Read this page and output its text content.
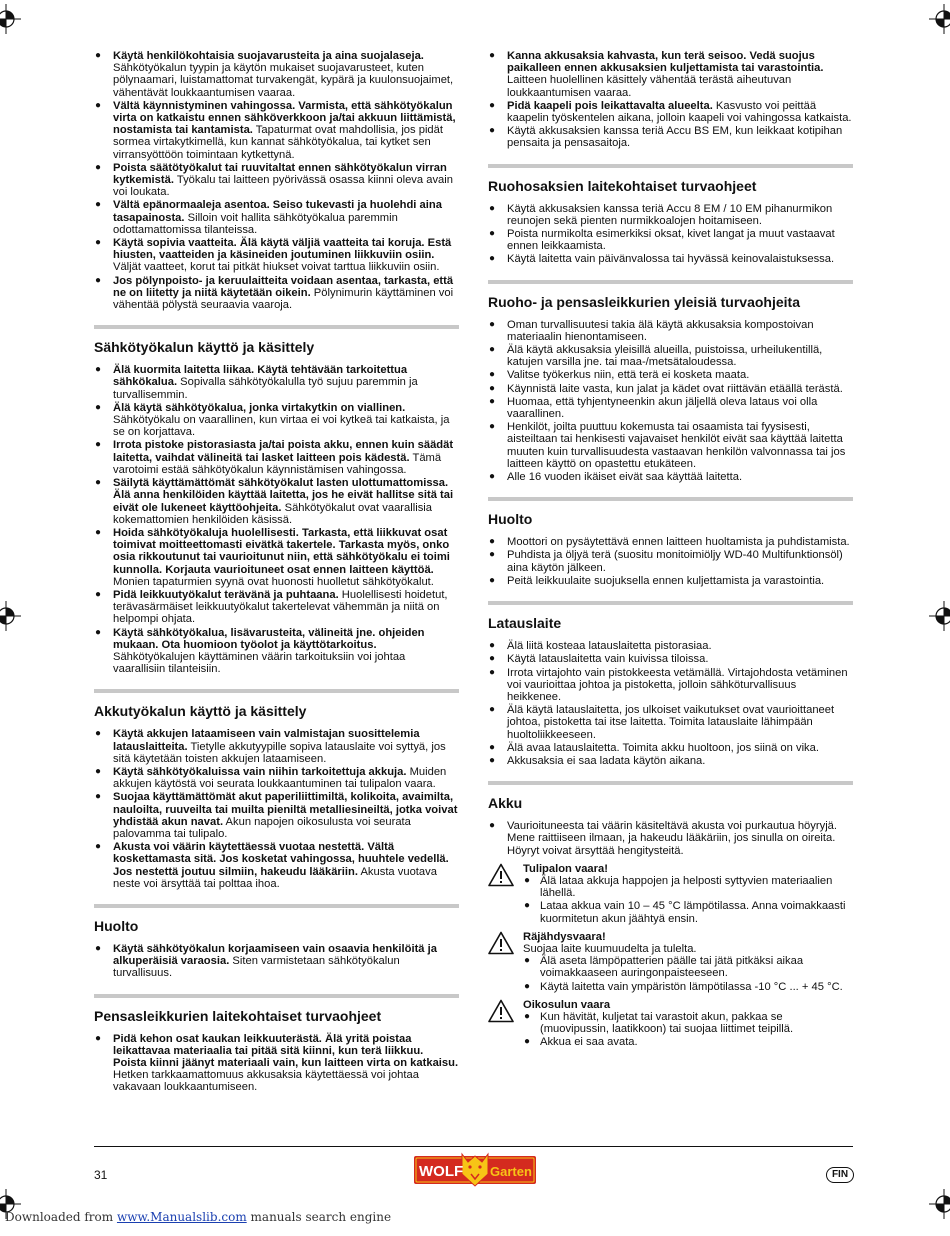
● Käytä henkilökohtaisia suojavarusteita ja aina suojalaseja. Sähkötyökalun tyypin ja käytön mukaiset suojavarusteet, kuten pölynaamari, luistamattomat turvakengät, kypärä ja kuulonsuojaimet, vähentävät loukkaantumisen vaaraa.
● Vältä käynnistyminen vahingossa. Varmista, että sähkötyökalun virta on katkaistu ennen sähköverkkoon ja/tai akkuun liittämistä, nostamista tai kantamista. Tapaturmat ovat mahdollisia, jos pidät sormea virtakytkimellä, kun kannat sähkötyökalua, tai kytket sen virransyöttöön toimintaan kytkettynä.
● Poista säätötyökalut tai ruuvitaltat ennen sähkötyökalun virran kytkemistä. Työkalu tai laitteen pyörivässä osassa kiinni oleva avain voi loukata.
● Vältä epänormaaleja asentoa. Seiso tukevasti ja huolehdi aina tasapainosta. Silloin voit hallita sähkötyökalua paremmin odottamattomissa tilanteissa.
● Käytä sopivia vaatteita. Älä käytä väljiä vaatteita tai koruja. Estä hiusten, vaatteiden ja käsineiden joutuminen liikkuviin osiin. Väljät vaatteet, korut tai pitkät hiukset voivat tarttua liikkuviin osiin.
● Jos pölynpoisto- ja keruulaitteita voidaan asentaa, tarkasta, että ne on liitetty ja niitä käytetään oikein. Pölynimurin käyttäminen voi vähentää pölystä seuraavia vaaroja.
Sähkötyökalun käyttö ja käsittely
● Älä kuormita laitetta liikaa. Käytä tehtävään tarkoitettua sähkökalua. Sopivalla sähkötyökalulla työ sujuu paremmin ja turvallisemmin.
● Älä käytä sähkötyökalua, jonka virtakytkin on viallinen. Sähkötyökalu on vaarallinen, kun virtaa ei voi kytkeä tai katkaista, ja se on korjattava.
● Irrota pistoke pistorasiasta ja/tai poista akku, ennen kuin säädät laitetta, vaihdat välineitä tai lasket laitteen pois kädestä. Tämä varotoimi estää sähkötyökalun käynnistämisen vahingossa.
● Säilytä käyttämättömät sähkötyökalut lasten ulottumattomissa. Älä anna henkilöiden käyttää laitetta, jos he eivät hallitse sitä tai eivät ole lukeneet käyttöohjeita. Sähkötyökalut ovat vaarallisia kokemattomien henkilöiden käsissä.
● Hoida sähkötyökaluja huolellisesti. Tarkasta, että liikkuvat osat toimivat moitteettomasti eivätkä takertele. Tarkasta myös, onko osia rikkoutunut tai vaurioitunut niin, että sähkötyökalu ei toimi kunnolla. Korjauta vaurioituneet osat ennen laitteen käyttöä. Monien tapaturmien syynä ovat huonosti huolletut sähkötyökalut.
● Pidä leikkuutyökalut terävänä ja puhtaana. Huolellisesti hoidetut, terävasärmäiset leikkuutyökalut takertelevat vähemmän ja niitä on helpompi ohjata.
● Käytä sähkötyökalua, lisävarusteita, välineitä jne. ohjeiden mukaan. Ota huomioon työolot ja käyttötarkoitus. Sähkötyökalujen käyttäminen väärin tarkoituksiin voi johtaa vaarallisiin tilanteisiin.
Akkutyökalun käyttö ja käsittely
● Käytä akkujen lataamiseen vain valmistajan suosittelemia latauslaitteita. Tietylle akkutyypille sopiva latauslaite voi syttyä, jos sitä käytetään toisten akkujen lataamiseen.
● Käytä sähkötyökaluissa vain niihin tarkoitettuja akkuja. Muiden akkujen käytöstä voi seurata loukkaantuminen tai tulipalon vaara.
● Suojaa käyttämättömät akut paperiliittimiltä, kolikoita, avaimilta, nauloilta, ruuveilta tai muilta pieniltä metalliesineiltä, jotka voivat yhdistää akun navat. Akun napojen oikosulusta voi seurata palovamma tai tulipalo.
● Akusta voi väärin käytettäessä vuotaa nestettä. Vältä koskettamasta sitä. Jos kosketat vahingossa, huuhtele vedellä. Jos nestettä joutuu silmiin, hakeudu lääkäriin. Akusta vuotava neste voi ärsyttää tai polttaa ihoa.
Huolto
● Käytä sähkötyökalun korjaamiseen vain osaavia henkilöitä ja alkuperäisiä varaosia. Siten varmistetaan sähkötyökalun turvallisuus.
Pensasleikkurien laitekohtaiset turvaohjeet
● Pidä kehon osat kaukan leikkuuterästä. Älä yritä poistaa leikattavaa materiaalia tai pitää sitä kiinni, kun terä liikkuu. Poista kiinni jäänyt materiaali vain, kun laitteen virta on katkaisu. Hetken tarkkaamattomuus akkusaksia käytettäessä voi johtaa vakavaan loukkaantumiseen.
● Kanna akkusaksia kahvasta, kun terä seisoo. Vedä suojus paikalleen ennen akkusaksien kuljettamista tai varastointia. Laitteen huolellinen käsittely vähentää terästä aiheutuvan loukkaantumisen vaaraa.
● Pidä kaapeli pois leikattavalta alueelta. Kasvusto voi peittää kaapelin työskentelen aikana, jolloin kaapeli voi vahingossa katkaista.
● Käytä akkusaksien kanssa teriä Accu BS EM, kun leikkaat kotipihan pensaita ja pensasaitoja.
Ruohosaksien laitekohtaiset turvaohjeet
● Käytä akkusaksien kanssa teriä Accu 8 EM / 10 EM pihanurmikon reunojen sekä pienten nurmikkoalojen hoitamiseen.
● Poista nurmikolta esimerkiksi oksat, kivet langat ja muut vastaavat ennen leikkaamista.
● Käytä laitetta vain päivänvalossa tai hyvässä keinovalaistuksessa.
Ruoho- ja pensasleikkurien yleisiä turvaohjeita
● Oman turvallisuutesi takia älä käytä akkusaksia kompostoivan materiaalin hienontamiseen.
● Älä käytä akkusaksia yleisillä alueilla, puistoissa, urheilukentillä, katujen varsilla jne. tai maa-/metsätaloudessa.
● Valitse työkerkus niin, että terä ei kosketa maata.
● Käynnistä laite vasta, kun jalat ja kädet ovat riittävän etäällä terästä.
● Huomaa, että tyhjentyneenkin akun jäljellä oleva lataus voi olla vaarallinen.
● Henkilöt, joilta puuttuu kokemusta tai osaamista tai fyysisesti, aisteiltaan tai henkisesti vajavaiset henkilöt eivät saa käyttää laitetta muuten kuin turvallisuudesta vastaavan henkilön valvonnassa tai jos laitteen käyttö on opastettu etukäteen.
● Alle 16 vuoden ikäiset eivät saa käyttää laitetta.
Huolto
● Moottori on pysäytettävä ennen laitteen huoltamista ja puhdistamista.
● Puhdista ja öljyä terä (suositu monitoimiöljy WD-40 Multifunktionsöl) aina käytön jälkeen.
● Peitä leikkuulaite suojuksella ennen kuljettamista ja varastointia.
Latauslaite
● Älä liitä kosteaa latauslaitetta pistorasiaa.
● Käytä latauslaitetta vain kuivissa tiloissa.
● Irrota virtajohto vain pistokkeesta vetämällä. Virtajohdosta vetäminen voi vaurioittaa johtoa ja pistoketta, jolloin sähköturvallisuus heikkenee.
● Älä käytä latauslaitetta, jos ulkoiset vaikutukset ovat vaurioittaneet johtoa, pistoketta tai itse laitetta. Toimita latauslaite lähimpään huoltoliikkeeseen.
● Älä avaa latauslaitetta. Toimita akku huoltoon, jos siinä on vika.
● Akkusaksia ei saa ladata käytön aikana.
Akku
● Vaurioituneesta tai väärin käsiteltävä akusta voi purkautua höyryjä. Mene raittiiseen ilmaan, ja hakeudu lääkäriin, jos sinulla on oireita. Höyryt voivat ärsyttää hengitysteitä.
Tulipalon vaara!
● Älä lataa akkuja happojen ja helposti syttyvien materiaalien lähellä.
● Lataa akkua vain 10 – 45 °C lämpötilassa. Anna voimakkaasti kuormitetun akun jäähtyä ensin.
Räjähdysvaara!
Suojaa laite kuumuudelta ja tulelta.
● Älä aseta lämpöpatterien päälle tai jätä pitkäksi aikaa voimakkaaseen auringonpaisteeseen.
● Käytä laitetta vain ympäristön lämpötilassa -10 °C ... + 45 °C.
Oikosulun vaara
● Kun hävität, kuljetat tai varastoit akun, pakkaa se (muovipussin, laatikkoon) tai suojaa liittimet teipillä.
● Akkua ei saa avata.
31	WOLF Garten	FIN
Downloaded from www.Manualslib.com manuals search engine
